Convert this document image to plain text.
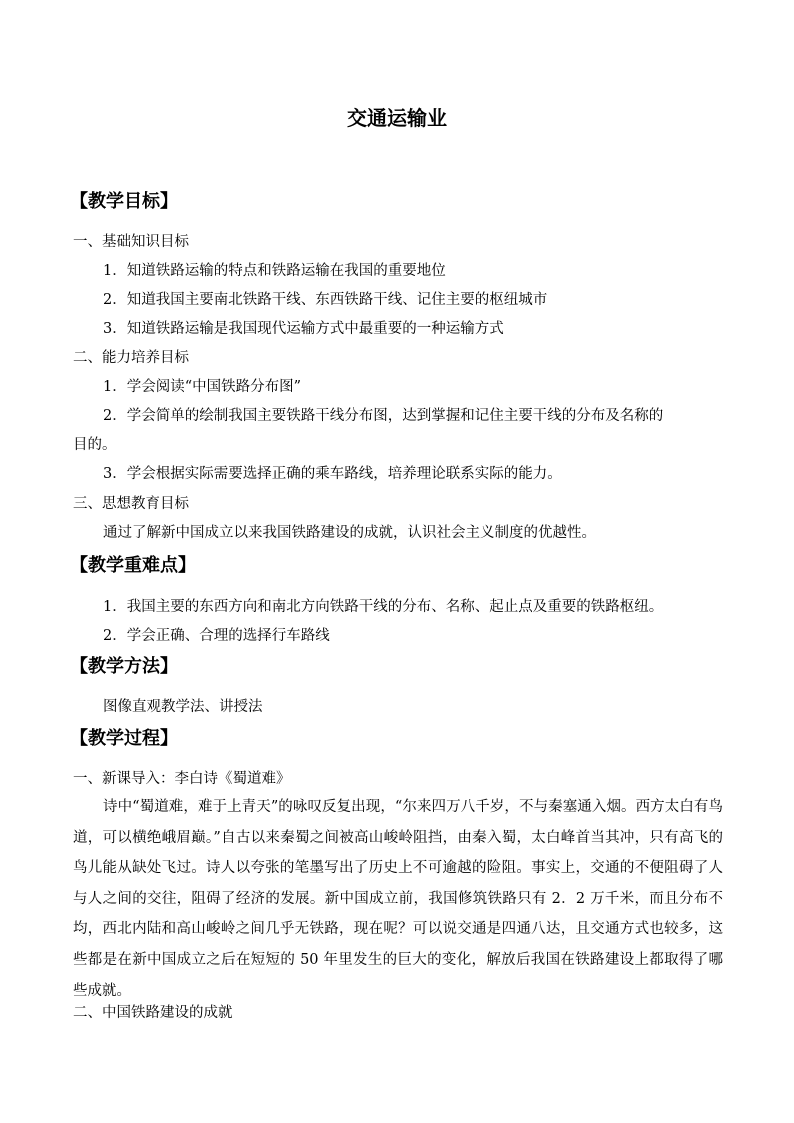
交通运输业
【教学目标】
一、基础知识目标
1．知道铁路运输的特点和铁路运输在我国的重要地位
2．知道我国主要南北铁路干线、东西铁路干线、记住主要的枢纽城市
3．知道铁路运输是我国现代运输方式中最重要的一种运输方式
二、能力培养目标
1．学会阅读“中国铁路分布图”
2．学会简单的绘制我国主要铁路干线分布图，达到掌握和记住主要干线的分布及名称的
目的。
3．学会根据实际需要选择正确的乘车路线，培养理论联系实际的能力。
三、思想教育目标
通过了解新中国成立以来我国铁路建设的成就，认识社会主义制度的优越性。
【教学重难点】
1．我国主要的东西方向和南北方向铁路干线的分布、名称、起止点及重要的铁路枢纽。
2．学会正确、合理的选择行车路线
【教学方法】
图像直观教学法、讲授法
【教学过程】
一、新课导入：李白诗《蜀道难》
诗中“蜀道难，难于上青天”的咏叹反复出现，“尔来四万八千岁，不与秦塞通入烟。西方太白有鸟道，可以横绝峨眉巅。”自古以来秦蜀之间被高山峻岭阻挡，由秦入蜀，太白峰首当其冲，只有高飞的鸟儿能从缺处飞过。诗人以夸张的笔墨写出了历史上不可逾越的险阻。事实上，交通的不便阻碍了人与人之间的交往，阻碍了经济的发展。新中国成立前，我国修筑铁路只有 2．2 万千米，而且分布不均，西北内陆和高山峻岭之间几乎无铁路，现在呢？可以说交通是四通八达，且交通方式也较多，这些都是在新中国成立之后在短短的 50 年里发生的巨大的变化，解放后我国在铁路建设上都取得了哪些成就。
二、中国铁路建设的成就
